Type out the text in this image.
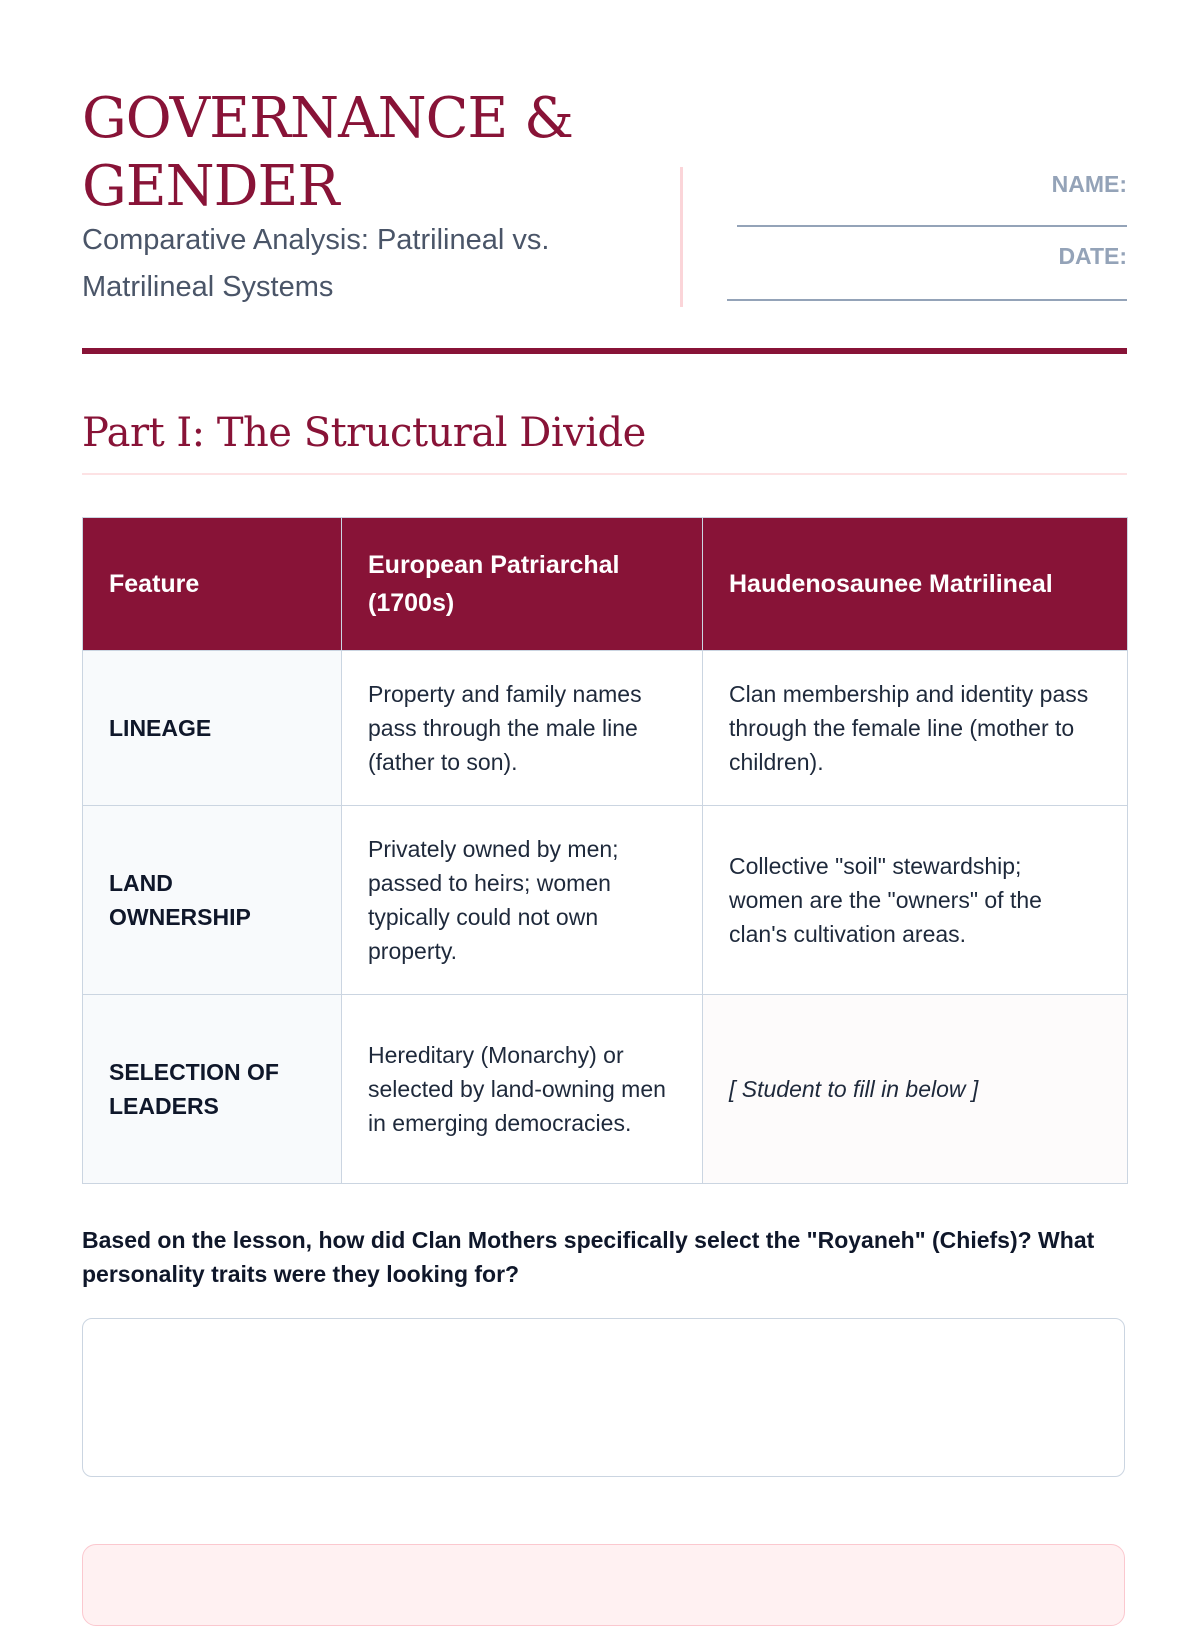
GOVERNANCE &
GENDER
Comparative Analysis: Patrilineal vs. Matrilineal Systems
NAME:
DATE:
Part I: The Structural Divide
Feature	European Patriarchal (1700s)	Haudenosaunee Matrilineal
LINEAGE	Property and family names pass through the male line (father to son).	Clan membership and identity pass through the female line (mother to children).
LAND OWNERSHIP	Privately owned by men; passed to heirs; women typically could not own property.	Collective "soil" stewardship; women are the "owners" of the clan's cultivation areas.
SELECTION OF LEADERS	Hereditary (Monarchy) or selected by land-owning men in emerging democracies.	[ Student to fill in below ]
Based on the lesson, how did Clan Mothers specifically select the "Royaneh" (Chiefs)? What personality traits were they looking for?
